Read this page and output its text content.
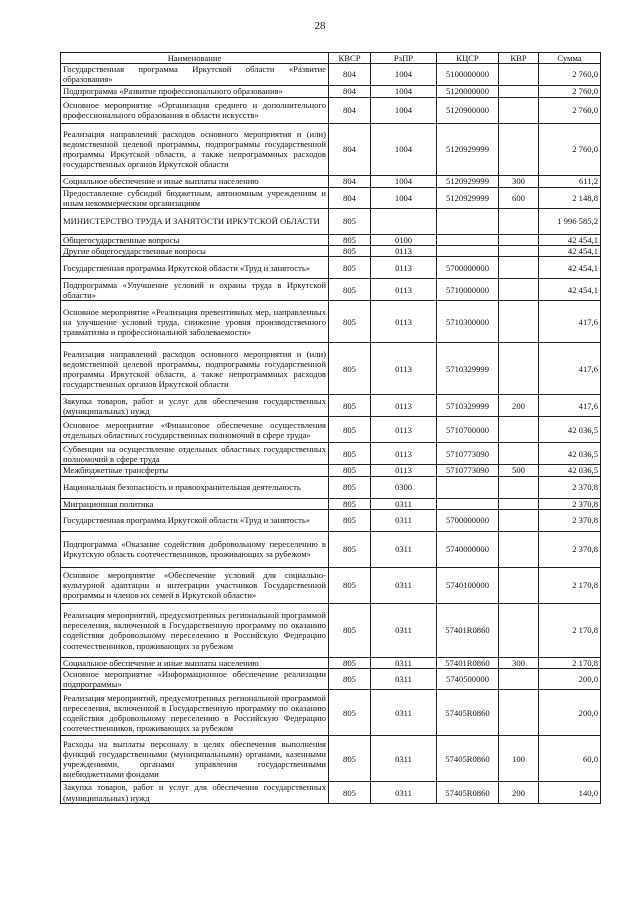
28
Наименование	КВСР	РзПР	КЦСР	КВР	Сумма
Государственная программа Иркутской области «Развитие образования»	804	1004	5100000000		2 760,0
Подпрограмма «Развитие профессионального образования»	804	1004	5120000000		2 760,0
Основное мероприятие «Организация среднего и дополнительного профессионального образования в области искусств»	804	1004	5120900000		2 760,0
Реализация направлений расходов основного мероприятия и (или) ведомственной целевой программы, подпрограммы государственной программы Иркутской области, а также непрограммных расходов государственных органов Иркутской области	804	1004	5120929999		2 760,0
Социальное обеспечение и иные выплаты населению	804	1004	5120929999	300	611,2
Предоставление субсидий бюджетным, автономным учреждениям и иным некоммерческим организациям	804	1004	5120929999	600	2 148,8
МИНИСТЕРСТВО ТРУДА И ЗАНЯТОСТИ ИРКУТСКОЙ ОБЛАСТИ	805				1 996 585,2
Общегосударственные вопросы	805	0100			42 454,1
Другие общегосударственные вопросы	805	0113			42 454,1
Государственная программа Иркутской области «Труд и занятость»	805	0113	5700000000		42 454,1
Подпрограмма «Улучшение условий и охраны труда в Иркутской области»	805	0113	5710000000		42 454,1
Основное мероприятие «Реализация превентивных мер, направленных на улучшение условий труда, снижение уровня производственного травматизма и профессиональной заболеваемости»	805	0113	5710300000		417,6
Реализация направлений расходов основного мероприятия и (или) ведомственной целевой программы, подпрограммы государственной программы Иркутской области, а также непрограммных расходов государственных органов Иркутской области	805	0113	5710329999		417,6
Закупка товаров, работ и услуг для обеспечения государственных (муниципальных) нужд	805	0113	5710329999	200	417,6
Основное мероприятие «Финансовое обеспечение осуществления отдельных областных государственных полномочий в сфере труда»	805	0113	5710700000		42 036,5
Субвенции на осуществление отдельных областных государственных полномочий в сфере труда	805	0113	5710773090		42 036,5
Межбюджетные трансферты	805	0113	5710773090	500	42 036,5
Национальная безопасность и правоохранительная деятельность	805	0300			2 370,8
Миграционная политика	805	0311			2 370,8
Государственная программа Иркутской области «Труд и занятость»	805	0311	5700000000		2 370,8
Подпрограмма «Оказание содействия добровольному переселению в Иркутскую область соотечественников, проживающих за рубежом»	805	0311	5740000000		2 370,8
Основное мероприятие «Обеспечение условий для социально-культурной адаптации и интеграции участников Государственной программы и членов их семей в Иркутской области»	805	0311	5740100000		2 170,8
Реализация мероприятий, предусмотренных региональной программой переселения, включенной в Государственную программу по оказанию содействия добровольному переселению в Российскую Федерацию соотечественников, проживающих за рубежом	805	0311	57401R0860		2 170,8
Социальное обеспечение и иные выплаты населению	805	0311	57401R0860	300	2 170,8
Основное мероприятие «Информационное обеспечение реализации подпрограммы»	805	0311	5740500000		200,0
Реализация мероприятий, предусмотренных региональной программой переселения, включенной в Государственную программу по оказанию содействия добровольному переселению в Российскую Федерацию соотечественников, проживающих за рубежом	805	0311	57405R0860		200,0
Расходы на выплаты персоналу в целях обеспечения выполнения функций государственными (муниципальными) органами, казенными учреждениями, органами управления государственными внебюджетными фондами	805	0311	57405R0860	100	60,0
Закупка товаров, работ и услуг для обеспечения государственных (муниципальных) нужд	805	0311	57405R0860	200	140,0
